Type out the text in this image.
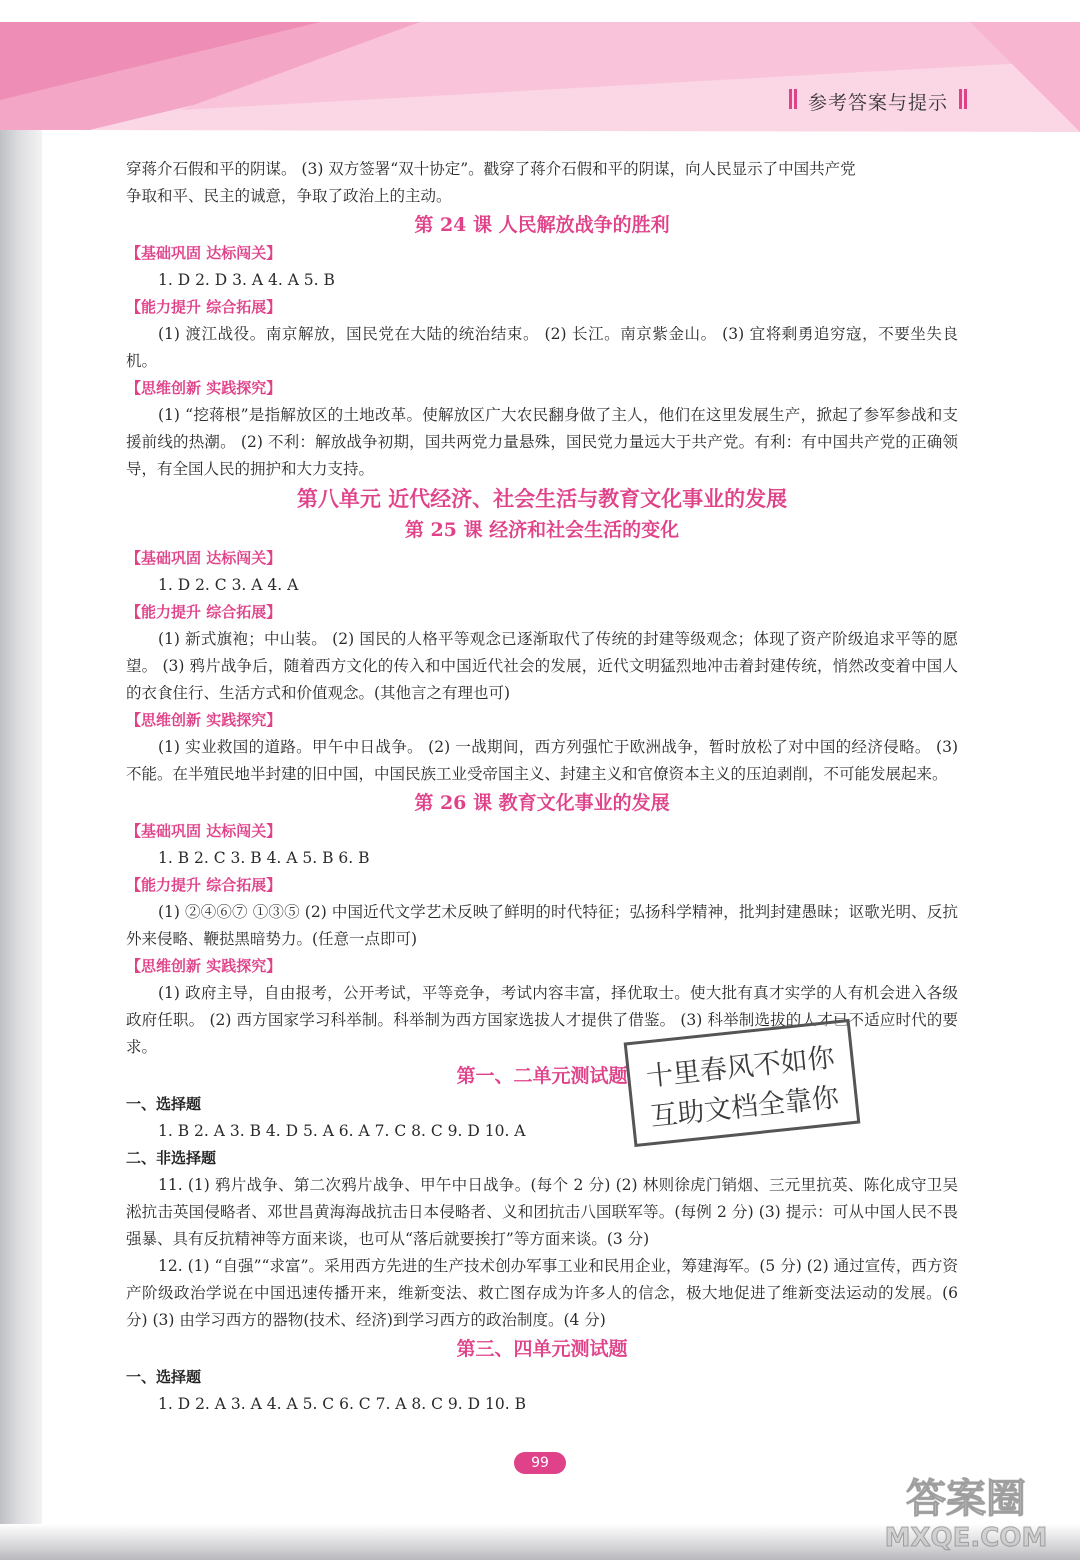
参考答案与提示

穿蒋介石假和平的阴谋。 (3) 双方签署“双十协定”。戳穿了蒋介石假和平的阴谋，向人民显示了中国共产党

争取和平、民主的诚意，争取了政治上的主动。

第 24 课 人民解放战争的胜利

【基础巩固 达标闯关】

1. D 2. D 3. A 4. A 5. B

【能力提升 综合拓展】

(1) 渡江战役。南京解放，国民党在大陆的统治结束。 (2) 长江。南京紫金山。 (3) 宜将剩勇追穷寇，不要坐失良机。

【思维创新 实践探究】

(1) “挖蒋根”是指解放区的土地改革。使解放区广大农民翻身做了主人，他们在这里发展生产，掀起了参军参战和支援前线的热潮。 (2) 不利：解放战争初期，国共两党力量悬殊，国民党力量远大于共产党。有利：有中国共产党的正确领导，有全国人民的拥护和大力支持。

第八单元 近代经济、社会生活与教育文化事业的发展

第 25 课 经济和社会生活的变化

【基础巩固 达标闯关】

1. D 2. C 3. A 4. A

【能力提升 综合拓展】

(1) 新式旗袍；中山装。 (2) 国民的人格平等观念已逐渐取代了传统的封建等级观念；体现了资产阶级追求平等的愿望。 (3) 鸦片战争后，随着西方文化的传入和中国近代社会的发展，近代文明猛烈地冲击着封建传统，悄然改变着中国人的衣食住行、生活方式和价值观念。(其他言之有理也可)

【思维创新 实践探究】

(1) 实业救国的道路。甲午中日战争。 (2) 一战期间，西方列强忙于欧洲战争，暂时放松了对中国的经济侵略。 (3) 不能。在半殖民地半封建的旧中国，中国民族工业受帝国主义、封建主义和官僚资本主义的压迫剥削，不可能发展起来。

第 26 课 教育文化事业的发展

【基础巩固 达标闯关】

1. B 2. C 3. B 4. A 5. B 6. B

【能力提升 综合拓展】

(1) ②④⑥⑦ ①③⑤ (2) 中国近代文学艺术反映了鲜明的时代特征；弘扬科学精神，批判封建愚昧；讴歌光明、反抗外来侵略、鞭挞黑暗势力。(任意一点即可)

【思维创新 实践探究】

(1) 政府主导，自由报考，公开考试，平等竞争，考试内容丰富，择优取士。使大批有真才实学的人有机会进入各级政府任职。 (2) 西方国家学习科举制。科举制为西方国家选拔人才提供了借鉴。 (3) 科举制选拔的人才已不适应时代的要求。

第一、二单元测试题

一、选择题

1. B 2. A 3. B 4. D 5. A 6. A 7. C 8. C 9. D 10. A

二、非选择题

11. (1) 鸦片战争、第二次鸦片战争、甲午中日战争。(每个 2 分) (2) 林则徐虎门销烟、三元里抗英、陈化成守卫吴淞抗击英国侵略者、邓世昌黄海海战抗击日本侵略者、义和团抗击八国联军等。(每例 2 分) (3) 提示：可从中国人民不畏强暴、具有反抗精神等方面来谈，也可从“落后就要挨打”等方面来谈。(3 分)

12. (1) “自强”“求富”。采用西方先进的生产技术创办军事工业和民用企业，筹建海军。(5 分) (2) 通过宣传，西方资产阶级政治学说在中国迅速传播开来，维新变法、救亡图存成为许多人的信念，极大地促进了维新变法运动的发展。(6 分) (3) 由学习西方的器物(技术、经济)到学习西方的政治制度。(4 分)

第三、四单元测试题

一、选择题

1. D 2. A 3. A 4. A 5. C 6. C 7. A 8. C 9. D 10. B

99
十里春风不如你
互助文档全靠你
答案圈
MXQE.COM
